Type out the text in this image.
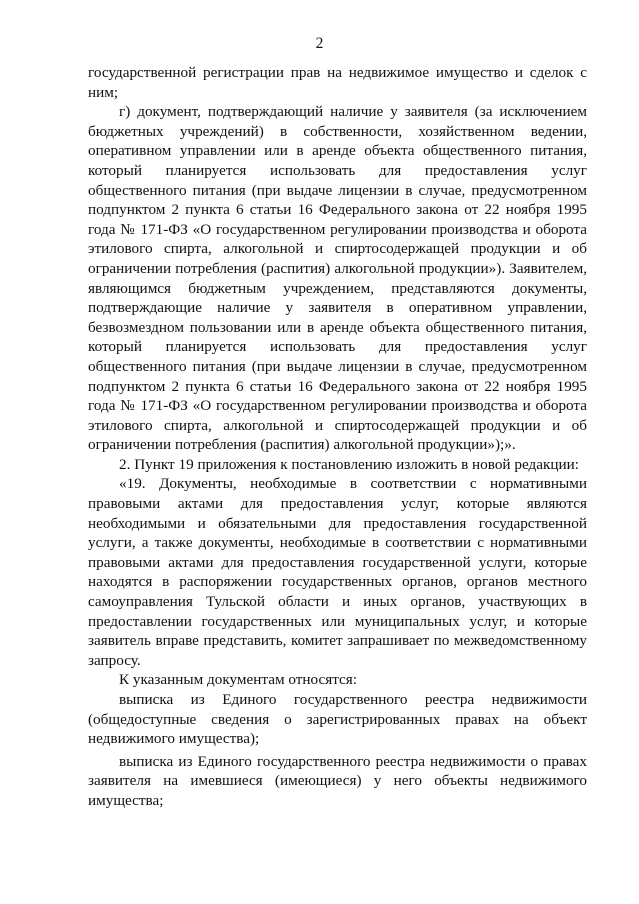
2

государственной регистрации прав на недвижимое имущество и сделок с ним;

г) документ, подтверждающий наличие у заявителя (за исключением бюджетных учреждений) в собственности, хозяйственном ведении, оперативном управлении или в аренде объекта общественного питания, который планируется использовать для предоставления услуг общественного питания (при выдаче лицензии в случае, предусмотренном подпунктом 2 пункта 6 статьи 16 Федерального закона от 22 ноября 1995 года № 171-ФЗ «О государственном регулировании производства и оборота этилового спирта, алкогольной и спиртосодержащей продукции и об ограничении потребления (распития) алкогольной продукции»). Заявителем, являющимся бюджетным учреждением, представляются документы, подтверждающие наличие у заявителя в оперативном управлении, безвозмездном пользовании или в аренде объекта общественного питания, который планируется использовать для предоставления услуг общественного питания (при выдаче лицензии в случае, предусмотренном подпунктом 2 пункта 6 статьи 16 Федерального закона от 22 ноября 1995 года № 171-ФЗ «О государственном регулировании производства и оборота этилового спирта, алкогольной и спиртосодержащей продукции и об ограничении потребления (распития) алкогольной продукции»);».

2. Пункт 19 приложения к постановлению изложить в новой редакции:

«19. Документы, необходимые в соответствии с нормативными правовыми актами для предоставления услуг, которые являются необходимыми и обязательными для предоставления государственной услуги, а также документы, необходимые в соответствии с нормативными правовыми актами для предоставления государственной услуги, которые находятся в распоряжении государственных органов, органов местного самоуправления Тульской области и иных органов, участвующих в предоставлении государственных или муниципальных услуг, и которые заявитель вправе представить, комитет запрашивает по межведомственному запросу.

К указанным документам относятся:

выписка из Единого государственного реестра недвижимости (общедоступные сведения о зарегистрированных правах на объект недвижимого имущества);

выписка из Единого государственного реестра недвижимости о правах заявителя на имевшиеся (имеющиеся) у него объекты недвижимого имущества;
